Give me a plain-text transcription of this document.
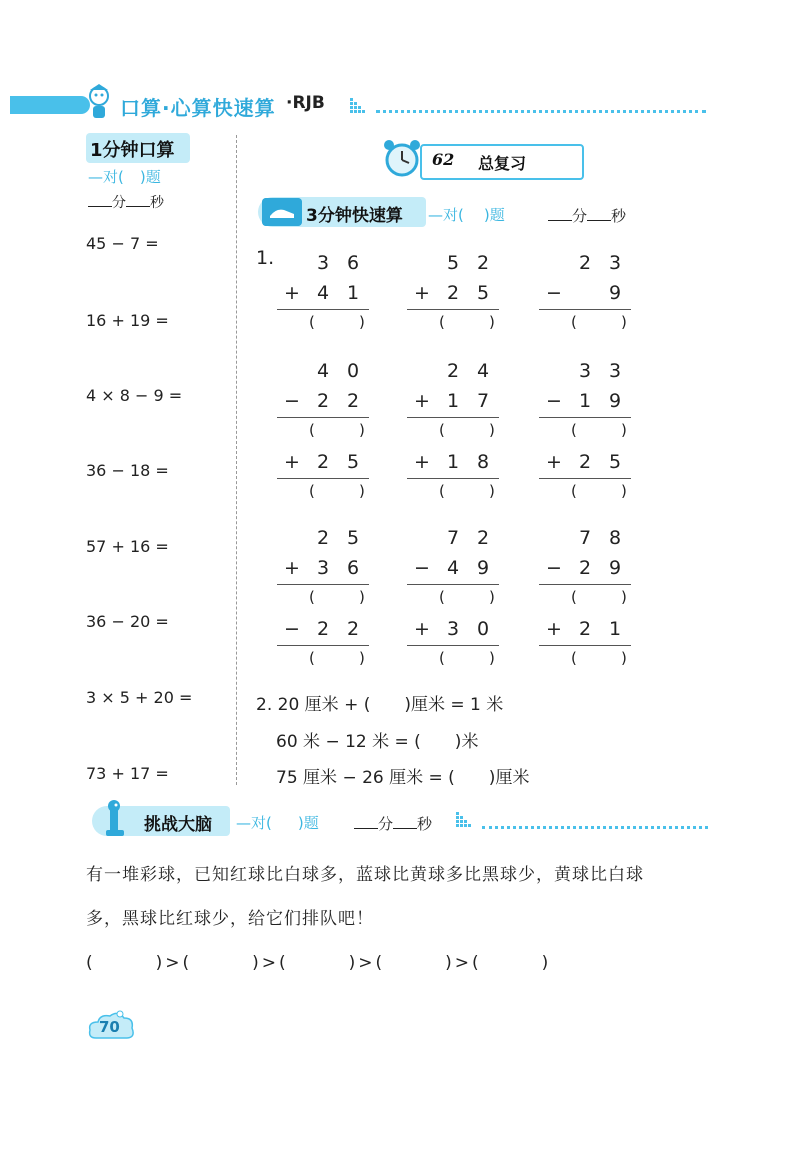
口算·心算快速算 ·RJB
1分钟口算
—对( )题
分 秒
45 − 7 =
16 + 19 =
4 × 8 − 9 =
36 − 18 =
57 + 16 =
36 − 20 =
3 × 5 + 20 =
73 + 17 =
62 总复习
3分钟快速算 —对( )题	分 秒
1. 3 6
+ 4 1
(	)
5 2
+ 2 5
(	)
2 3
− 9
(	)
4 0
− 2 2
(	)
+ 2 5
(	)
2 4
+ 1 7
(	)
+ 1 8
(	)
3 3
− 1 9
(	)
+ 2 5
(	)
2 5
+ 3 6
(	)
− 2 2
(	)
7 2
− 4 9
(	)
+ 3 0
(	)
7 8
− 2 9
(	)
+ 2 1
(	)
2. 20 厘米 + (　　)厘米 = 1 米
60 米 − 12 米 = (　　)米
75 厘米 − 26 厘米 = (　　)厘米
挑战大脑 —对( )题	分 秒
有一堆彩球，已知红球比白球多，蓝球比黄球多比黑球少，黄球比白球
多，黑球比红球少，给它们排队吧！
(　　　)>(　　　)>(　　　)>(　　　)>(　　　)
70
